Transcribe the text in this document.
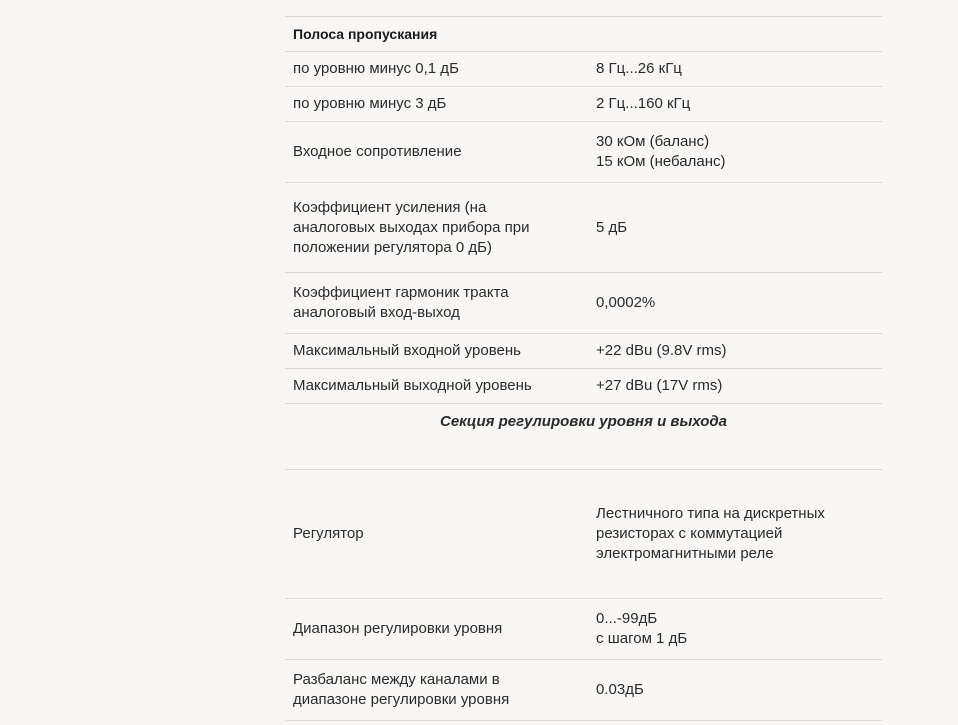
Полоса пропускания	
по уровню минус 0,1 дБ	8 Гц...26 кГц
по уровню минус 3 дБ	2 Гц...160 кГц
Входное сопротивление	30 кОм (баланс)
15 кОм (небаланс)

Коэффициент усиления (на
аналоговых выходах прибора при
положении регулятора 0 дБ)	5 дБ

Коэффициент гармоник тракта
аналоговый вход-выход	0,0002%
Максимальный входной уровень	+22 dBu (9.8V rms)
Максимальный выходной уровень	+27 dBu (17V rms)
Секция регулировки уровня и выхода	
Регулятор	Лестничного типа на дискретных
резисторах с коммутацией
электромагнитными реле

Диапазон регулировки уровня	0...-99дБ
с шагом 1 дБ

Разбаланс между каналами в
диапазоне регулировки уровня	0.03дБ
